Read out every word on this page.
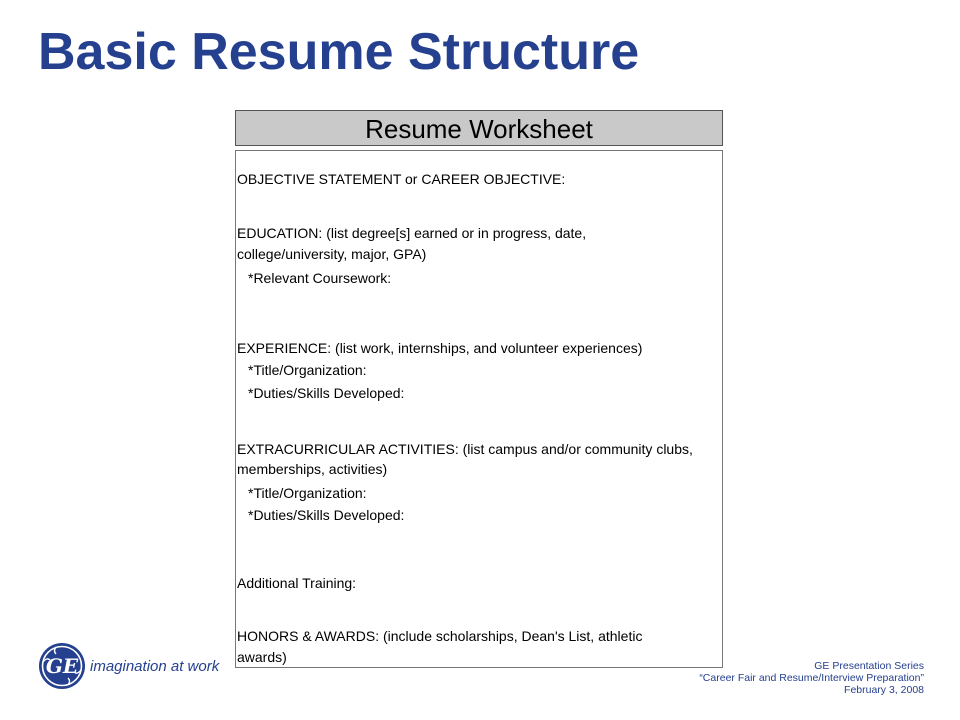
Basic Resume Structure
Resume Worksheet
OBJECTIVE STATEMENT or CAREER OBJECTIVE:
EDUCATION: (list degree[s] earned or in progress, date,
college/university, major, GPA)
*Relevant Coursework:
EXPERIENCE: (list work, internships, and volunteer experiences)
*Title/Organization:
*Duties/Skills Developed:
EXTRACURRICULAR ACTIVITIES: (list campus and/or community clubs,
memberships, activities)
*Title/Organization:
*Duties/Skills Developed:
Additional Training:
HONORS & AWARDS: (include scholarships, Dean's List, athletic
awards)
GE imagination at work	GE Presentation Series
“Career Fair and Resume/Interview Preparation”
February 3, 2008
